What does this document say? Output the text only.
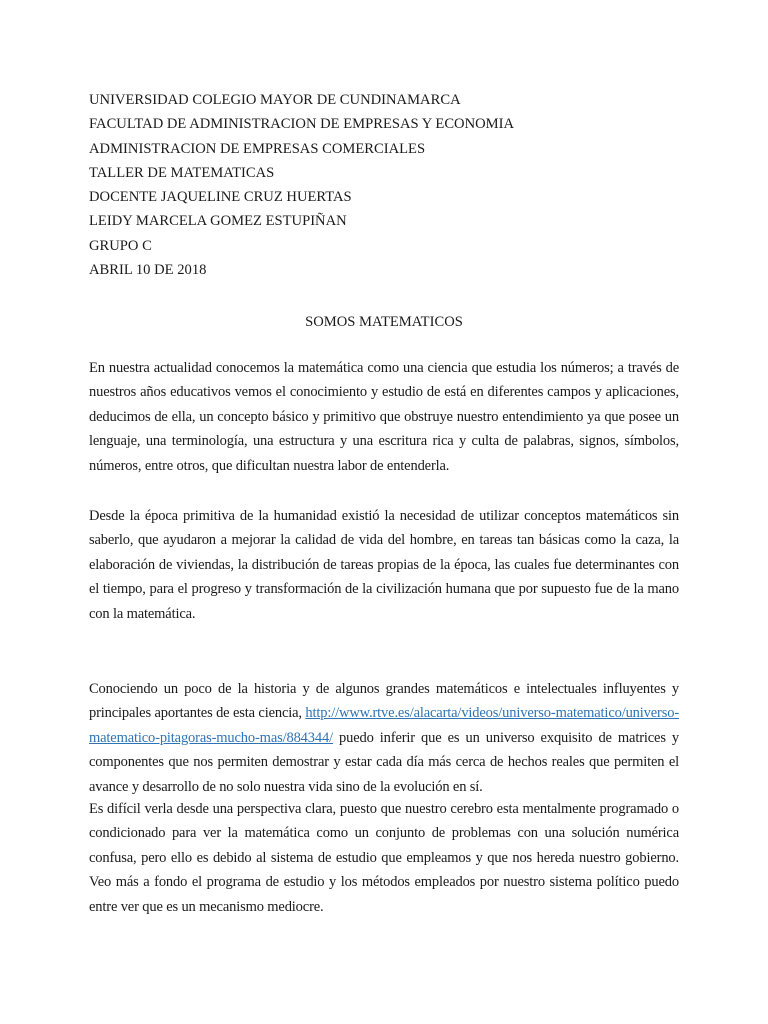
UNIVERSIDAD COLEGIO MAYOR DE CUNDINAMARCA
FACULTAD DE ADMINISTRACION DE EMPRESAS Y ECONOMIA
ADMINISTRACION DE EMPRESAS COMERCIALES
TALLER DE MATEMATICAS
DOCENTE JAQUELINE CRUZ HUERTAS
LEIDY MARCELA GOMEZ ESTUPIÑAN
GRUPO C
ABRIL 10 DE 2018
SOMOS MATEMATICOS

En nuestra actualidad conocemos la matemática como una ciencia que estudia los números; a través de nuestros años educativos vemos el conocimiento y estudio de está en diferentes campos y aplicaciones, deducimos de ella, un concepto básico y primitivo que obstruye nuestro entendimiento ya que posee un lenguaje, una terminología, una estructura y una escritura rica y culta de palabras, signos, símbolos, números, entre otros, que dificultan nuestra labor de entenderla.

Desde la época primitiva de la humanidad existió la necesidad de utilizar conceptos matemáticos sin saberlo, que ayudaron a mejorar la calidad de vida del hombre, en tareas tan básicas como la caza, la elaboración de viviendas, la distribución de tareas propias de la época, las cuales fue determinantes con el tiempo, para el progreso y transformación de la civilización humana que por supuesto fue de la mano con la matemática.

Conociendo un poco de la historia y de algunos grandes matemáticos e intelectuales influyentes y principales aportantes de esta ciencia, http://www.rtve.es/alacarta/videos/universo-matematico/universo-matematico-pitagoras-mucho-mas/884344/ puedo inferir que es un universo exquisito de matrices y componentes que nos permiten demostrar y estar cada día más cerca de hechos reales que permiten el avance y desarrollo de no solo nuestra vida sino de la evolución en sí.

Es difícil verla desde una perspectiva clara, puesto que nuestro cerebro esta mentalmente programado o condicionado para ver la matemática como un conjunto de problemas con una solución numérica confusa, pero ello es debido al sistema de estudio que empleamos y que nos hereda nuestro gobierno. Veo más a fondo el programa de estudio y los métodos empleados por nuestro sistema político puedo entre ver que es un mecanismo mediocre.
